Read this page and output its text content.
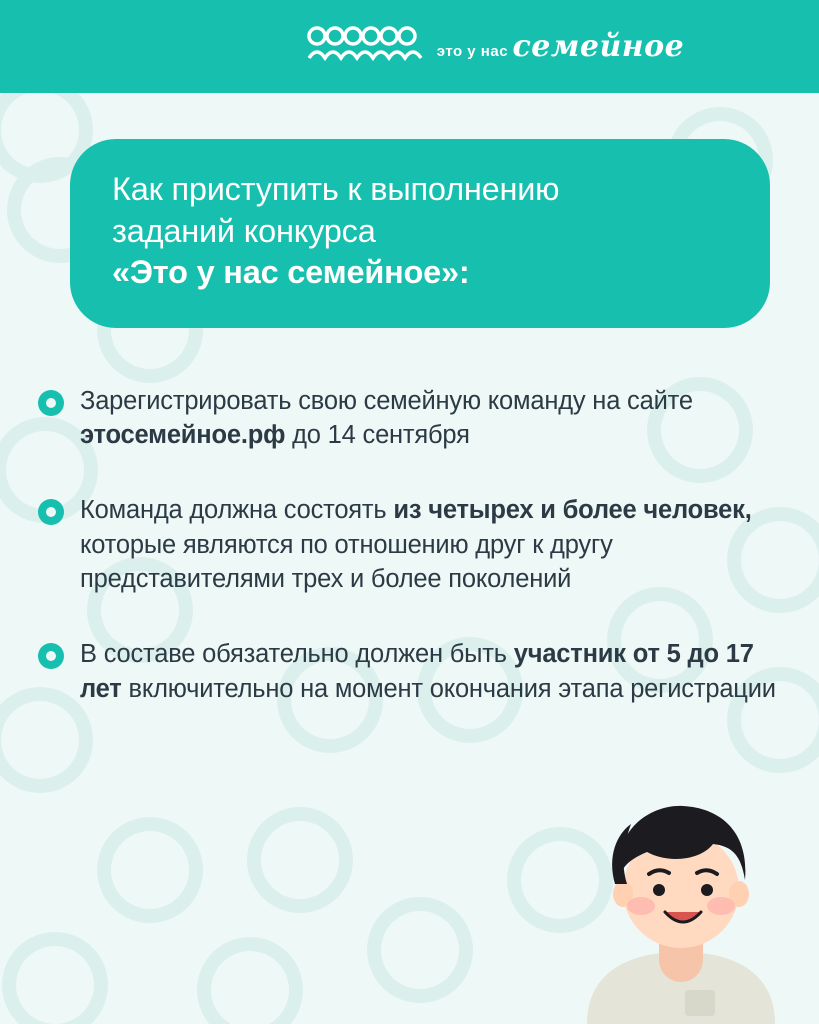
это у нас семейное

Как приступить к выполнению

заданий конкурса

«Это у нас семейное»:

Зарегистрировать свою семейную команду на сайте этосемейное.рф до 14 сентября
Команда должна состоять из четырех и более человек, которые являются по отношению друг к другу представителями трех и более поколений
В составе обязательно должен быть участник от 5 до 17 лет включительно на момент окончания этапа регистрации
